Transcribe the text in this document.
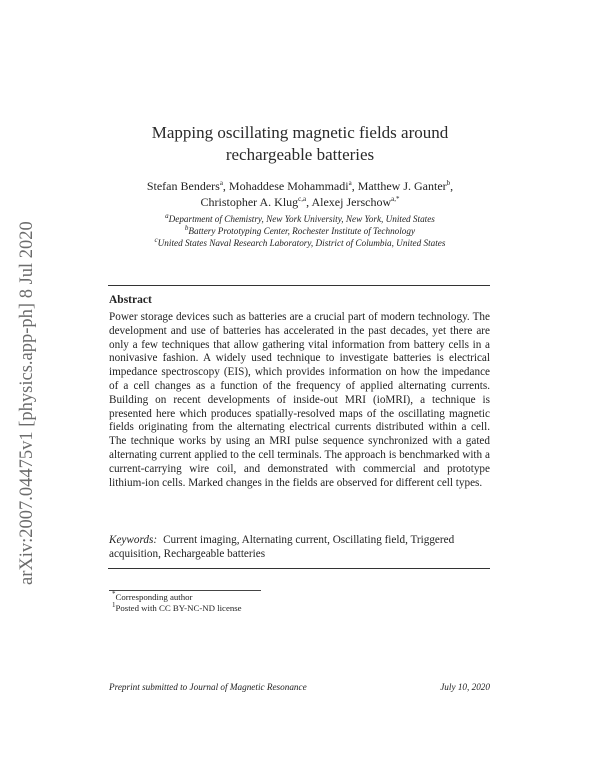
arXiv:2007.04475v1 [physics.app-ph] 8 Jul 2020
Mapping oscillating magnetic fields around rechargeable batteries
Stefan Benders$^a$, Mohaddese Mohammadi$^a$, Matthew J. Ganter$^b$,
Christopher A. Klug$^{c,a}$, Alexej Jerschow$^{a,*}$
$^a$Department of Chemistry, New York University, New York, United States
$^b$Battery Prototyping Center, Rochester Institute of Technology
$^c$United States Naval Research Laboratory, District of Columbia, United States
Abstract
Power storage devices such as batteries are a crucial part of modern technology. The development and use of batteries has accelerated in the past decades, yet there are only a few techniques that allow gathering vital information from battery cells in a nonivasive fashion. A widely used technique to investigate batteries is electrical impedance spectroscopy (EIS), which provides information on how the impedance of a cell changes as a function of the frequency of applied alternating currents. Building on recent developments of inside-out MRI (ioMRI), a technique is presented here which produces spatially-resolved maps of the oscillating magnetic fields originating from the alternating electrical currents distributed within a cell. The technique works by using an MRI pulse sequence synchronized with a gated alternating current applied to the cell terminals. The approach is benchmarked with a current-carrying wire coil, and demonstrated with commercial and prototype lithium-ion cells. Marked changes in the fields are observed for different cell types.
Keywords: Current imaging, Alternating current, Oscillating field, Triggered acquisition, Rechargeable batteries
*Corresponding author
$^1$Posted with CC BY-NC-ND license
Preprint submitted to Journal of Magnetic Resonance	July 10, 2020
